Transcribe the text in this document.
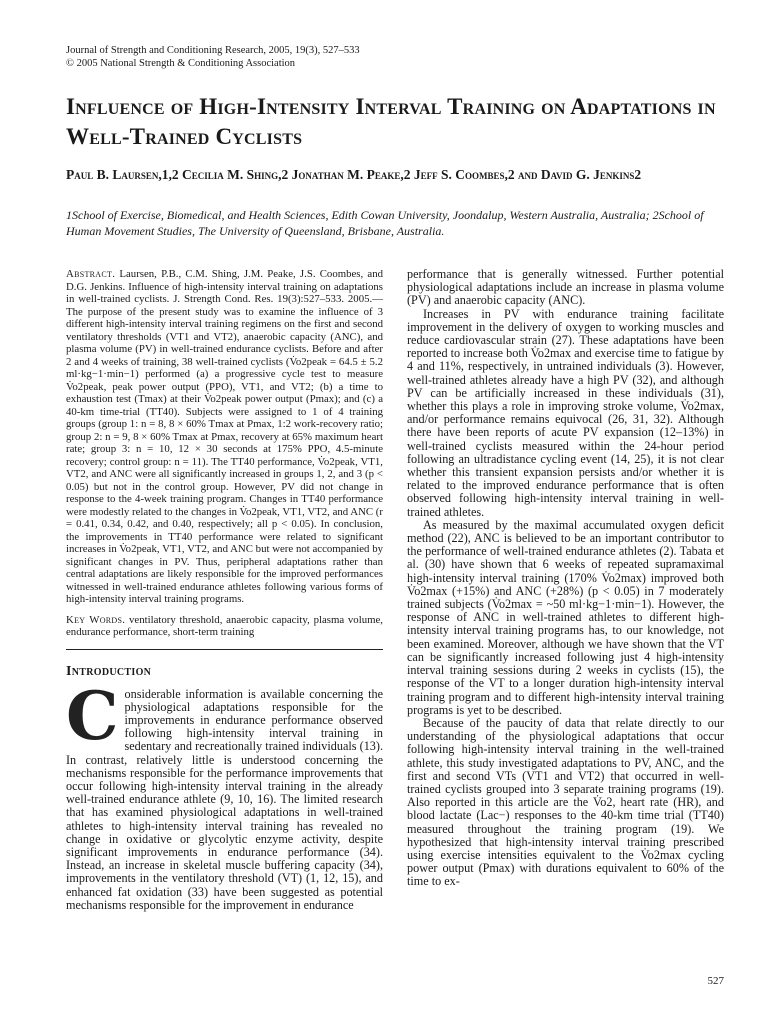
Journal of Strength and Conditioning Research, 2005, 19(3), 527–533
© 2005 National Strength & Conditioning Association
Influence of High-Intensity Interval Training on Adaptations in Well-Trained Cyclists
Paul B. Laursen,1,2 Cecilia M. Shing,2 Jonathan M. Peake,2 Jeff S. Coombes,2 and David G. Jenkins2
1School of Exercise, Biomedical, and Health Sciences, Edith Cowan University, Joondalup, Western Australia, Australia; 2School of Human Movement Studies, The University of Queensland, Brisbane, Australia.

Abstract. Laursen, P.B., C.M. Shing, J.M. Peake, J.S. Coombes, and D.G. Jenkins. Influence of high-intensity interval training on adaptations in well-trained cyclists. J. Strength Cond. Res. 19(3):527–533. 2005.—The purpose of the present study was to examine the influence of 3 different high-intensity interval training regimens on the first and second ventilatory thresholds (VT1 and VT2), anaerobic capacity (ANC), and plasma volume (PV) in well-trained endurance cyclists. Before and after 2 and 4 weeks of training, 38 well-trained cyclists (V̇o2peak = 64.5 ± 5.2 ml·kg−1·min−1) performed (a) a progressive cycle test to measure V̇o2peak, peak power output (PPO), VT1, and VT2; (b) a time to exhaustion test (Tmax) at their V̇o2peak power output (Pmax); and (c) a 40-km time-trial (TT40). Subjects were assigned to 1 of 4 training groups (group 1: n = 8, 8 × 60% Tmax at Pmax, 1:2 work-recovery ratio; group 2: n = 9, 8 × 60% Tmax at Pmax, recovery at 65% maximum heart rate; group 3: n = 10, 12 × 30 seconds at 175% PPO, 4.5-minute recovery; control group: n = 11). The TT40 performance, V̇o2peak, VT1, VT2, and ANC were all significantly increased in groups 1, 2, and 3 (p < 0.05) but not in the control group. However, PV did not change in response to the 4-week training program. Changes in TT40 performance were modestly related to the changes in V̇o2peak, VT1, VT2, and ANC (r = 0.41, 0.34, 0.42, and 0.40, respectively; all p < 0.05). In conclusion, the improvements in TT40 performance were related to significant increases in V̇o2peak, VT1, VT2, and ANC but were not accompanied by significant changes in PV. Thus, peripheral adaptations rather than central adaptations are likely responsible for the improved performances witnessed in well-trained endurance athletes following various forms of high-intensity interval training programs.

Key Words. ventilatory threshold, anaerobic capacity, plasma volume, endurance performance, short-term training
Introduction

Considerable information is available concerning the physiological adaptations responsible for the improvements in endurance performance observed following high-intensity interval training in sedentary and recreationally trained individuals (13). In contrast, relatively little is understood concerning the mechanisms responsible for the performance improvements that occur following high-intensity interval training in the already well-trained endurance athlete (9, 10, 16). The limited research that has examined physiological adaptations in well-trained athletes to high-intensity interval training has revealed no change in oxidative or glycolytic enzyme activity, despite significant improvements in endurance performance (34). Instead, an increase in skeletal muscle buffering capacity (34), improvements in the ventilatory threshold (VT) (1, 12, 15), and enhanced fat oxidation (33) have been suggested as potential mechanisms responsible for the improvement in endurance

performance that is generally witnessed. Further potential physiological adaptations include an increase in plasma volume (PV) and anaerobic capacity (ANC).

Increases in PV with endurance training facilitate improvement in the delivery of oxygen to working muscles and reduce cardiovascular strain (27). These adaptations have been reported to increase both V̇o2max and exercise time to fatigue by 4 and 11%, respectively, in untrained individuals (3). However, well-trained athletes already have a high PV (32), and although PV can be artificially increased in these individuals (31), whether this plays a role in improving stroke volume, V̇o2max, and/or performance remains equivocal (26, 31, 32). Although there have been reports of acute PV expansion (12–13%) in well-trained cyclists measured within the 24-hour period following an ultradistance cycling event (14, 25), it is not clear whether this transient expansion persists and/or whether it is related to the improved endurance performance that is often observed following high-intensity interval training in well-trained athletes.

As measured by the maximal accumulated oxygen deficit method (22), ANC is believed to be an important contributor to the performance of well-trained endurance athletes (2). Tabata et al. (30) have shown that 6 weeks of repeated supramaximal high-intensity interval training (170% V̇o2max) improved both V̇o2max (+15%) and ANC (+28%) (p < 0.05) in 7 moderately trained subjects (V̇o2max = ~50 ml·kg−1·min−1). However, the response of ANC in well-trained athletes to different high-intensity interval training programs has, to our knowledge, not been examined. Moreover, although we have shown that the VT can be significantly increased following just 4 high-intensity interval training sessions during 2 weeks in cyclists (15), the response of the VT to a longer duration high-intensity interval training program and to different high-intensity interval training programs is yet to be described.

Because of the paucity of data that relate directly to our understanding of the physiological adaptations that occur following high-intensity interval training in the well-trained athlete, this study investigated adaptations to PV, ANC, and the first and second VTs (VT1 and VT2) that occurred in well-trained cyclists grouped into 3 separate training programs (19). Also reported in this article are the V̇o2, heart rate (HR), and blood lactate (Lac−) responses to the 40-km time trial (TT40) measured throughout the training program (19). We hypothesized that high-intensity interval training prescribed using exercise intensities equivalent to the V̇o2max cycling power output (Pmax) with durations equivalent to 60% of the time to ex-

527
